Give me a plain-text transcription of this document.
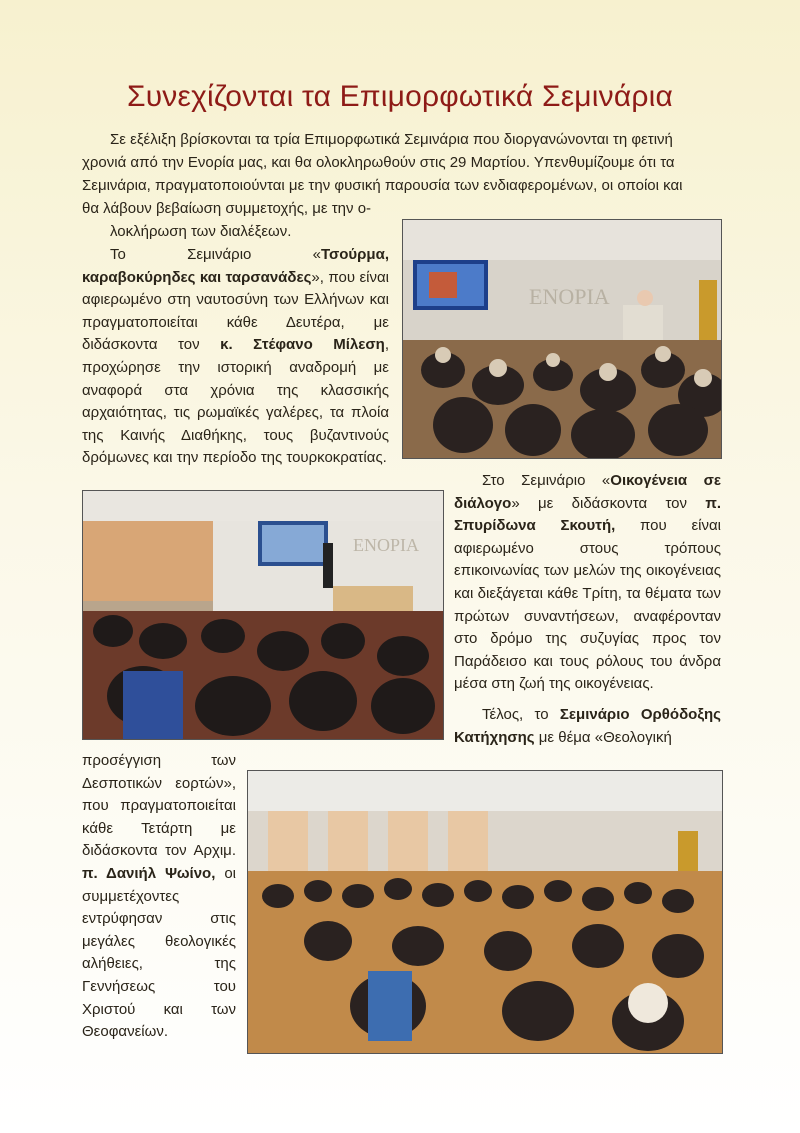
Συνεχίζονται τα Επιμορφωτικά Σεμινάρια
Σε εξέλιξη βρίσκονται τα τρία Επιμορφωτικά Σεμινάρια που διοργανώνονται τη φετινή
χρονιά από την Ενορία μας, και θα ολοκληρωθούν στις 29 Μαρτίου. Υπενθυμίζουμε ότι τα
Σεμινάρια, πραγματοποιούνται με την φυσική παρουσία των ενδιαφερομένων, οι οποίοι και
θα λάβουν βεβαίωση συμμετοχής, με την ο-
λοκλήρωση των διαλέξεων.
Το Σεμινάριο «Τσούρμα, καραβοκύρηδες και ταρσανάδες», που είναι αφιερωμένο στη ναυτοσύνη των Ελλήνων και πραγματοποιείται κάθε Δευτέρα, με διδάσκοντα τον κ. Στέφανο Μίλεση, προχώρησε την ιστορική αναδρομή με αναφορά στα χρόνια της κλασσικής αρχαιότητας, τις ρωμαϊκές γαλέρες, τα πλοία της Καινής Διαθήκης, τους βυζαντινούς δρόμωνες και την περίοδο της τουρκοκρατίας.
ΕΝΟΡΙΑ
ΕΝΟΡΙΑ
Στο Σεμινάριο «Οικογένεια σε διάλογο» με διδάσκοντα τον π. Σπυρίδωνα Σκουτή, που είναι αφιερωμένο στους τρόπους επικοινωνίας των μελών της οικογένειας και διεξάγεται κάθε Τρίτη, τα θέματα των πρώτων συναντήσεων, αναφέρονταν στο δρόμο της συζυγίας προς τον Παράδεισο και τους ρόλους του άνδρα μέσα στη ζωή της οικογένειας.
Τέλος, το Σεμινάριο Ορθόδοξης Κατήχησης με θέμα «Θεολογική
προσέγγιση των Δεσποτικών εορτών», που πραγματοποιείται κάθε Τετάρτη με διδάσκοντα τον Αρχιμ. π. Δανιήλ Ψωίνο, οι συμμετέχοντες εντρύφησαν στις μεγάλες θεολογικές αλήθειες, της Γεννήσεως του Χριστού και των Θεοφανείων.
